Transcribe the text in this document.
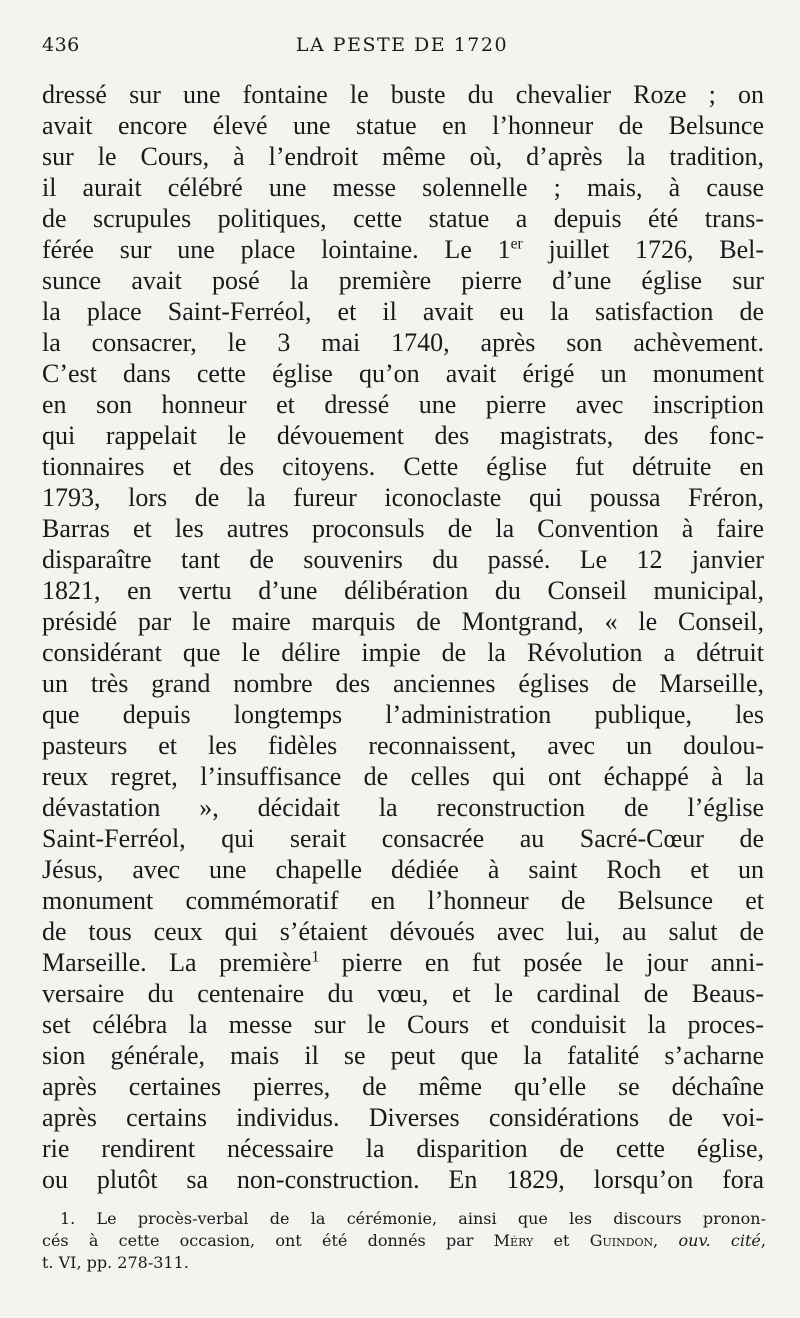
436	LA PESTE DE 1720
dressé sur une fontaine le buste du chevalier Roze ; on
avait encore élevé une statue en l’honneur de Belsunce
sur le Cours, à l’endroit même où, d’après la tradition,
il aurait célébré une messe solennelle ; mais, à cause
de scrupules politiques, cette statue a depuis été trans-
férée sur une place lointaine. Le 1er juillet 1726, Bel-
sunce avait posé la première pierre d’une église sur
la place Saint-Ferréol, et il avait eu la satisfaction de
la consacrer, le 3 mai 1740, après son achèvement.
C’est dans cette église qu’on avait érigé un monument
en son honneur et dressé une pierre avec inscription
qui rappelait le dévouement des magistrats, des fonc-
tionnaires et des citoyens. Cette église fut détruite en
1793, lors de la fureur iconoclaste qui poussa Fréron,
Barras et les autres proconsuls de la Convention à faire
disparaître tant de souvenirs du passé. Le 12 janvier
1821, en vertu d’une délibération du Conseil municipal,
présidé par le maire marquis de Montgrand, « le Conseil,
considérant que le délire impie de la Révolution a détruit
un très grand nombre des anciennes églises de Marseille,
que depuis longtemps l’administration publique, les
pasteurs et les fidèles reconnaissent, avec un doulou-
reux regret, l’insuffisance de celles qui ont échappé à la
dévastation », décidait la reconstruction de l’église
Saint-Ferréol, qui serait consacrée au Sacré-Cœur de
Jésus, avec une chapelle dédiée à saint Roch et un
monument commémoratif en l’honneur de Belsunce et
de tous ceux qui s’étaient dévoués avec lui, au salut de
Marseille. La première$^1$ pierre en fut posée le jour anni-
versaire du centenaire du vœu, et le cardinal de Beaus-
set célébra la messe sur le Cours et conduisit la proces-
sion générale, mais il se peut que la fatalité s’acharne
après certaines pierres, de même qu’elle se déchaîne
après certains individus. Diverses considérations de voi-
rie rendirent nécessaire la disparition de cette église,
ou plutôt sa non-construction. En 1829, lorsqu’on fora
1. Le procès-verbal de la cérémonie, ainsi que les discours pronon-
cés à cette occasion, ont été donnés par Méry et Guindon, ouv. cité,
t. VI, pp. 278-311.
